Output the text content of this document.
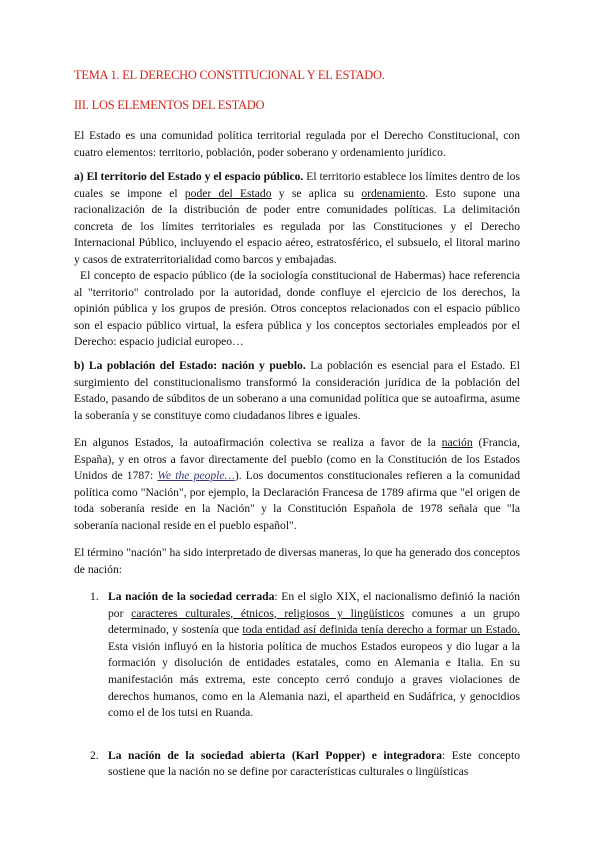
TEMA 1. EL DERECHO CONSTITUCIONAL Y EL ESTADO.

III. LOS ELEMENTOS DEL ESTADO

El Estado es una comunidad política territorial regulada por el Derecho Constitucional, con cuatro elementos: territorio, población, poder soberano y ordenamiento jurídico.

a) El territorio del Estado y el espacio público. El territorio establece los límites dentro de los cuales se impone el poder del Estado y se aplica su ordenamiento. Esto supone una racionalización de la distribución de poder entre comunidades políticas. La delimitación concreta de los límites territoriales es regulada por las Constituciones y el Derecho Internacional Público, incluyendo el espacio aéreo, estratosférico, el subsuelo, el litoral marino y casos de extraterritorialidad como barcos y embajadas.

El concepto de espacio público (de la sociología constitucional de Habermas) hace referencia al "territorio" controlado por la autoridad, donde confluye el ejercicio de los derechos, la opinión pública y los grupos de presión. Otros conceptos relacionados con el espacio público son el espacio público virtual, la esfera pública y los conceptos sectoriales empleados por el Derecho: espacio judicial europeo…

b) La población del Estado: nación y pueblo. La población es esencial para el Estado. El surgimiento del constitucionalismo transformó la consideración jurídica de la población del Estado, pasando de súbditos de un soberano a una comunidad política que se autoafirma, asume la soberanía y se constituye como ciudadanos libres e iguales.

En algunos Estados, la autoafirmación colectiva se realiza a favor de la nación (Francia, España), y en otros a favor directamente del pueblo (como en la Constitución de los Estados Unidos de 1787: We the people…). Los documentos constitucionales refieren a la comunidad política como "Nación", por ejemplo, la Declaración Francesa de 1789 afirma que "el origen de toda soberanía reside en la Nación" y la Constitución Española de 1978 señala que "la soberanía nacional reside en el pueblo español".

El término "nación" ha sido interpretado de diversas maneras, lo que ha generado dos conceptos de nación:

1. La nación de la sociedad cerrada: En el siglo XIX, el nacionalismo definió la nación por caracteres culturales, étnicos, religiosos y lingüísticos comunes a un grupo determinado, y sostenía que toda entidad así definida tenía derecho a formar un Estado. Esta visión influyó en la historia política de muchos Estados europeos y dio lugar a la formación y disolución de entidades estatales, como en Alemania e Italia. En su manifestación más extrema, este concepto cerró condujo a graves violaciones de derechos humanos, como en la Alemania nazi, el apartheid en Sudáfrica, y genocidios como el de los tutsi en Ruanda.
2. La nación de la sociedad abierta (Karl Popper) e integradora: Este concepto sostiene que la nación no se define por características culturales o lingüísticas
